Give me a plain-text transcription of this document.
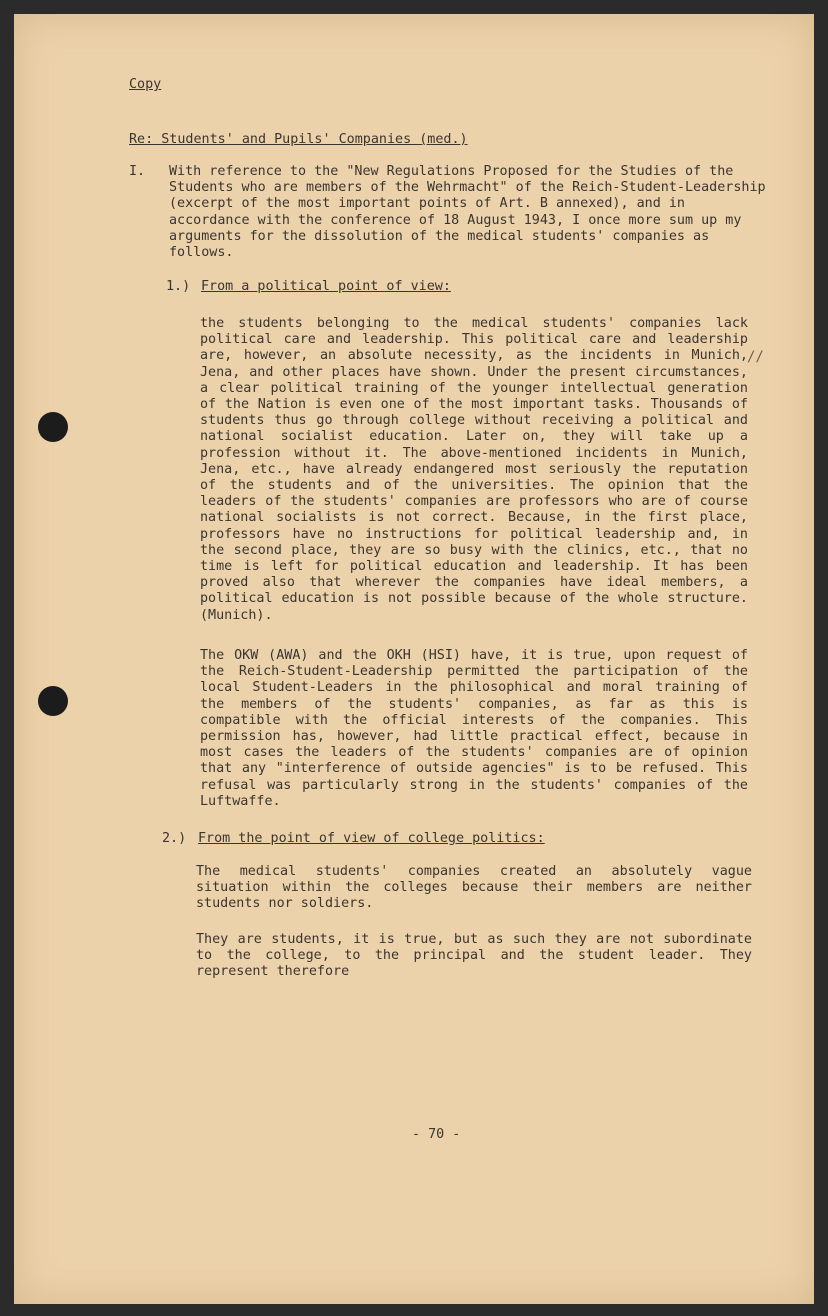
Copy
Re: Students' and Pupils' Companies (med.)
I. With reference to the "New Regulations Proposed for the Studies of the Students who are members of the Wehrmacht" of the Reich-Student-Leadership (excerpt of the most important points of Art. B annexed), and in accordance with the conference of 18 August 1943, I once more sum up my arguments for the dissolution of the medical students' companies as follows.
1.) From a political point of view:
the students belonging to the medical students' companies lack political care and leadership. This political care and leadership are, however, an absolute necessity, as the incidents in Munich, Jena, and other places have shown. Under the present circumstances, a clear political training of the younger intellectual generation of the Nation is even one of the most important tasks. Thousands of students thus go through college without receiving a political and national socialist education. Later on, they will take up a profession without it. The above-mentioned incidents in Munich, Jena, etc., have already endangered most seriously the reputation of the students and of the universities. The opinion that the leaders of the students' companies are professors who are of course national socialists is not correct. Because, in the first place, professors have no instructions for political leadership and, in the second place, they are so busy with the clinics, etc., that no time is left for political education and leadership. It has been proved also that wherever the companies have ideal members, a political education is not possible because of the whole structure. (Munich).
The OKW (AWA) and the OKH (HSI) have, it is true, upon request of the Reich-Student-Leadership permitted the participation of the local Student-Leaders in the philosophical and moral training of the members of the students' companies, as far as this is compatible with the official interests of the companies. This permission has, however, had little practical effect, because in most cases the leaders of the students' companies are of opinion that any "interference of outside agencies" is to be refused. This refusal was particularly strong in the students' companies of the Luftwaffe.
//
2.) From the point of view of college politics:
The medical students' companies created an absolutely vague situation within the colleges because their members are neither students nor soldiers.
They are students, it is true, but as such they are not subordinate to the college, to the principal and the student leader. They represent therefore
- 70 -
